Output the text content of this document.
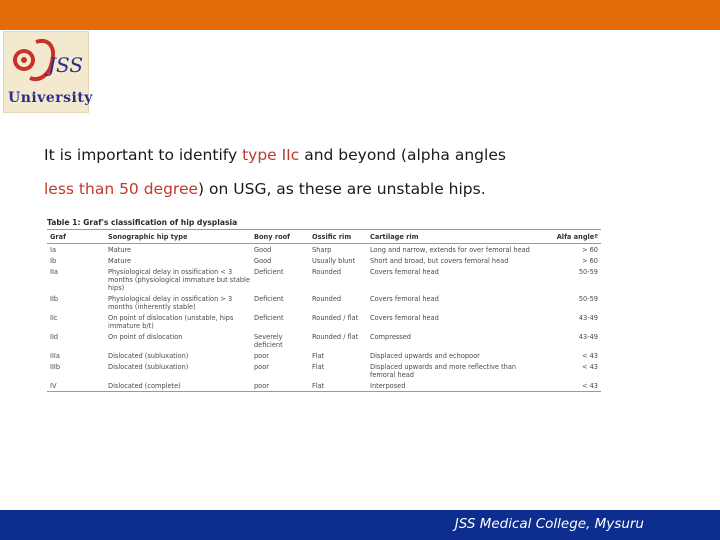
JSS
University
It is important to identify type IIc and beyond (alpha angles
less than 50 degree) on USG, as these are unstable hips.
Table 1: Graf's classification of hip dysplasia
Graf	Sonographic hip type	Bony roof	Ossific rim	Cartilage rim	Alfa angleº
Ia	Mature	Good	Sharp	Long and narrow, extends for over femoral head	> 60
Ib	Mature	Good	Usually blunt	Short and broad, but covers femoral head	> 60
IIa	Physiological delay in ossification < 3 months (physiological immature but stable hips)	Deficient	Rounded	Covers femoral head	50-59
IIb	Physiological delay in ossification > 3 months (inherently stable)	Deficient	Rounded	Covers femoral head	50-59
IIc	On point of dislocation (unstable, hips immature b/t)	Deficient	Rounded / flat	Covers femoral head	43-49
IId	On point of dislocation	Severely deficient	Rounded / flat	Compressed	43-49
IIIa	Dislocated (subluxation)	poor	Flat	Displaced upwards and echopoor	< 43
IIIb	Dislocated (subluxation)	poor	Flat	Displaced upwards and more reflective than femoral head	< 43
IV	Dislocated (complete)	poor	Flat	Interposed	< 43
JSS Medical College, Mysuru
